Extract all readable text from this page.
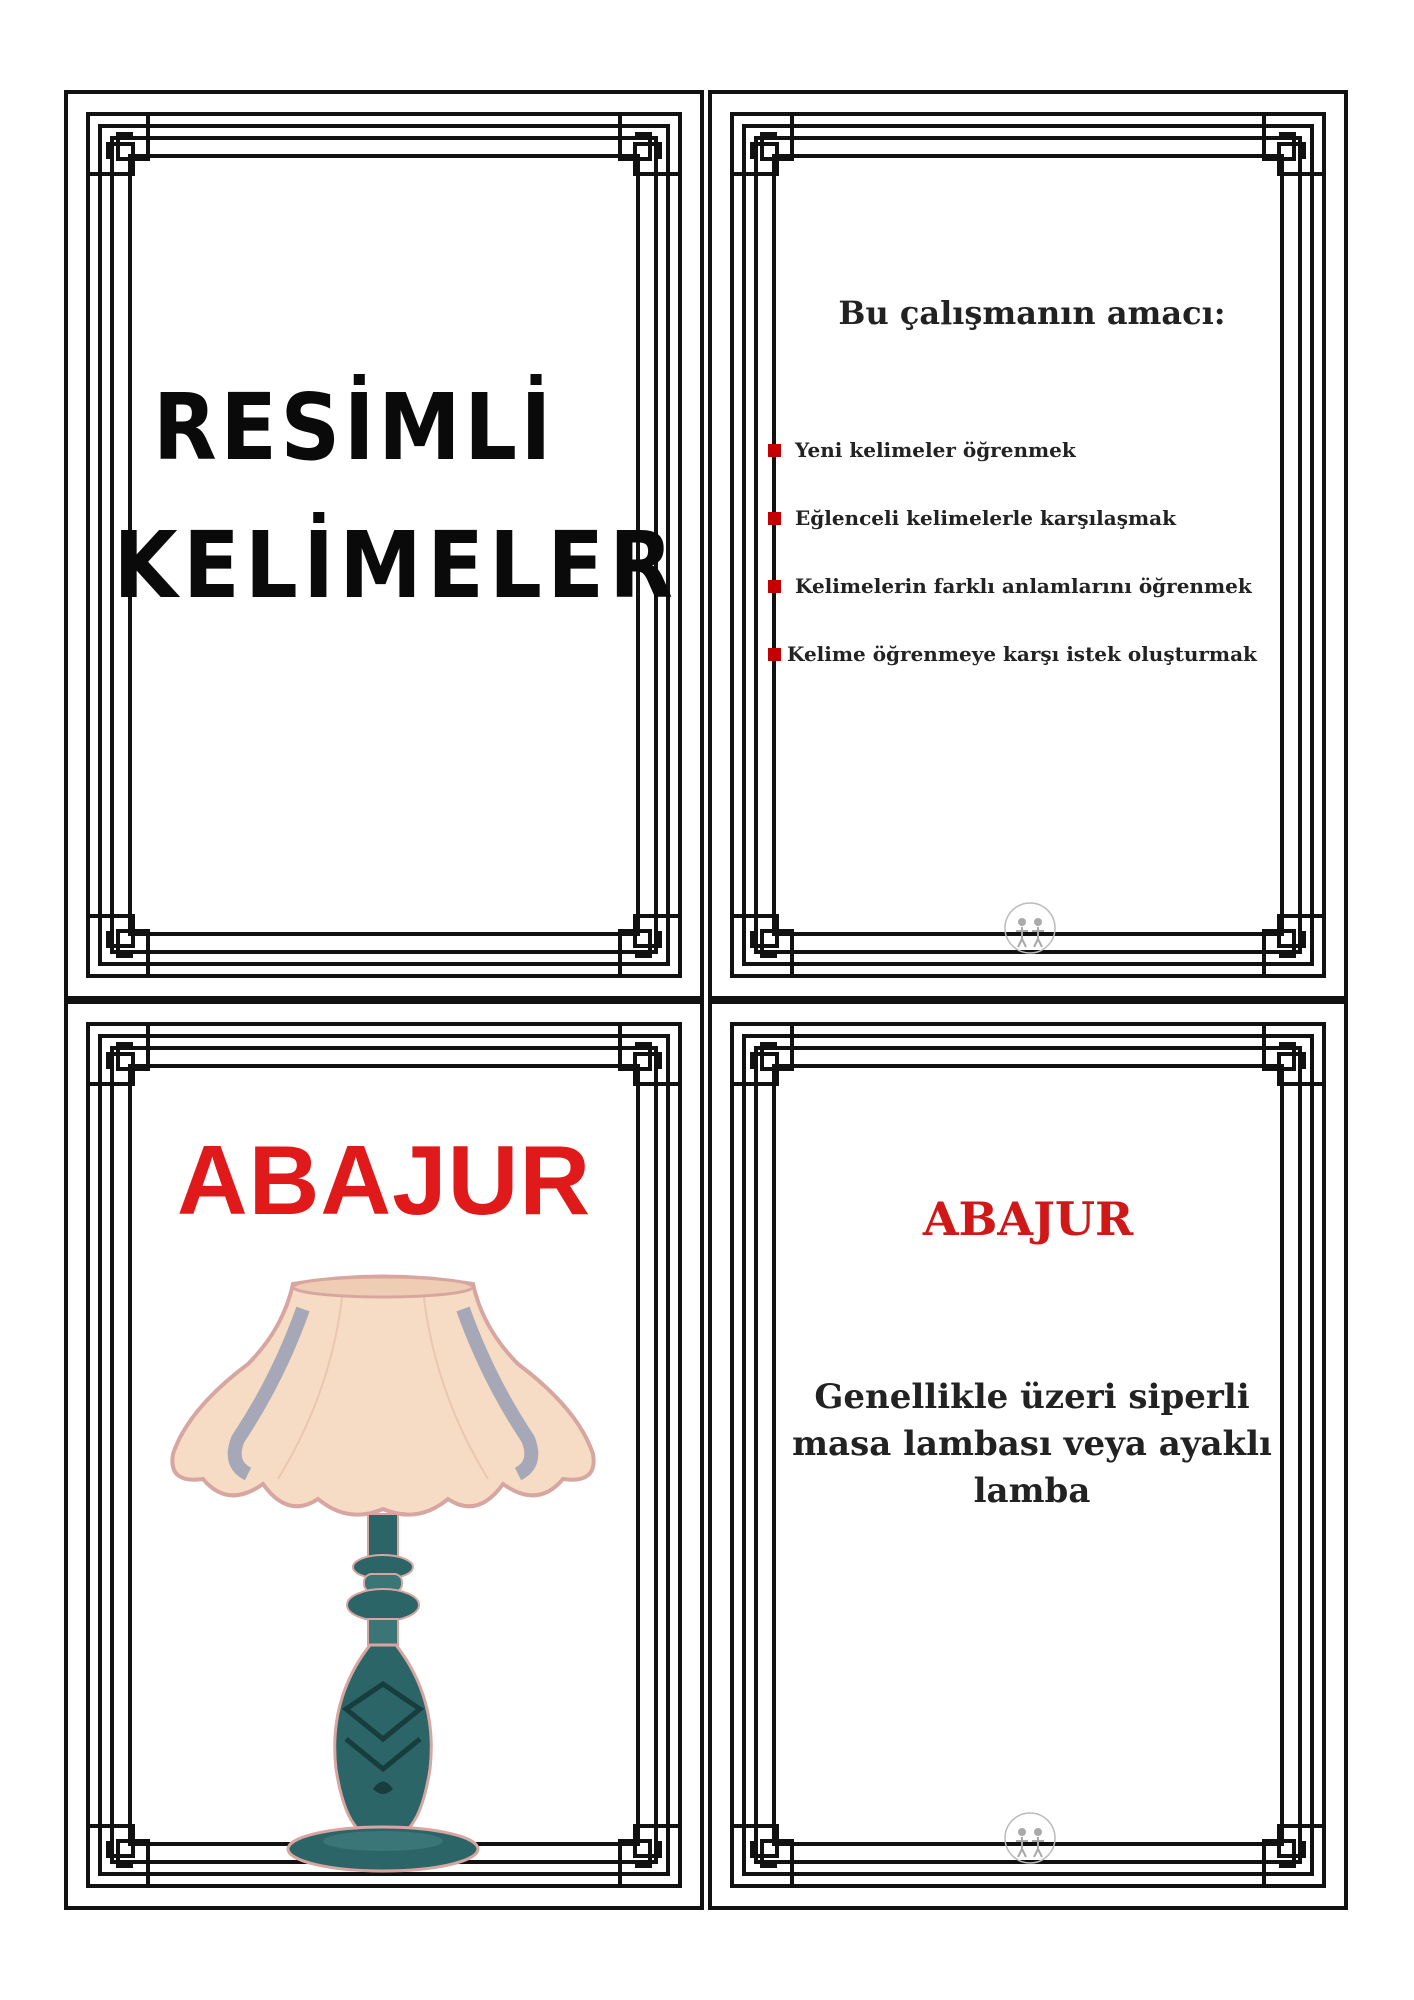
RESİMLİ
KELİMELER
Bu çalışmanın amacı:
Yeni kelimeler öğrenmek
Eğlenceli kelimelerle karşılaşmak
Kelimelerin farklı anlamlarını öğrenmek
Kelime öğrenmeye karşı istek oluşturmak
ABAJUR	ABAJUR
Genellikle üzeri siperli
masa lambası veya ayaklı
lamba
